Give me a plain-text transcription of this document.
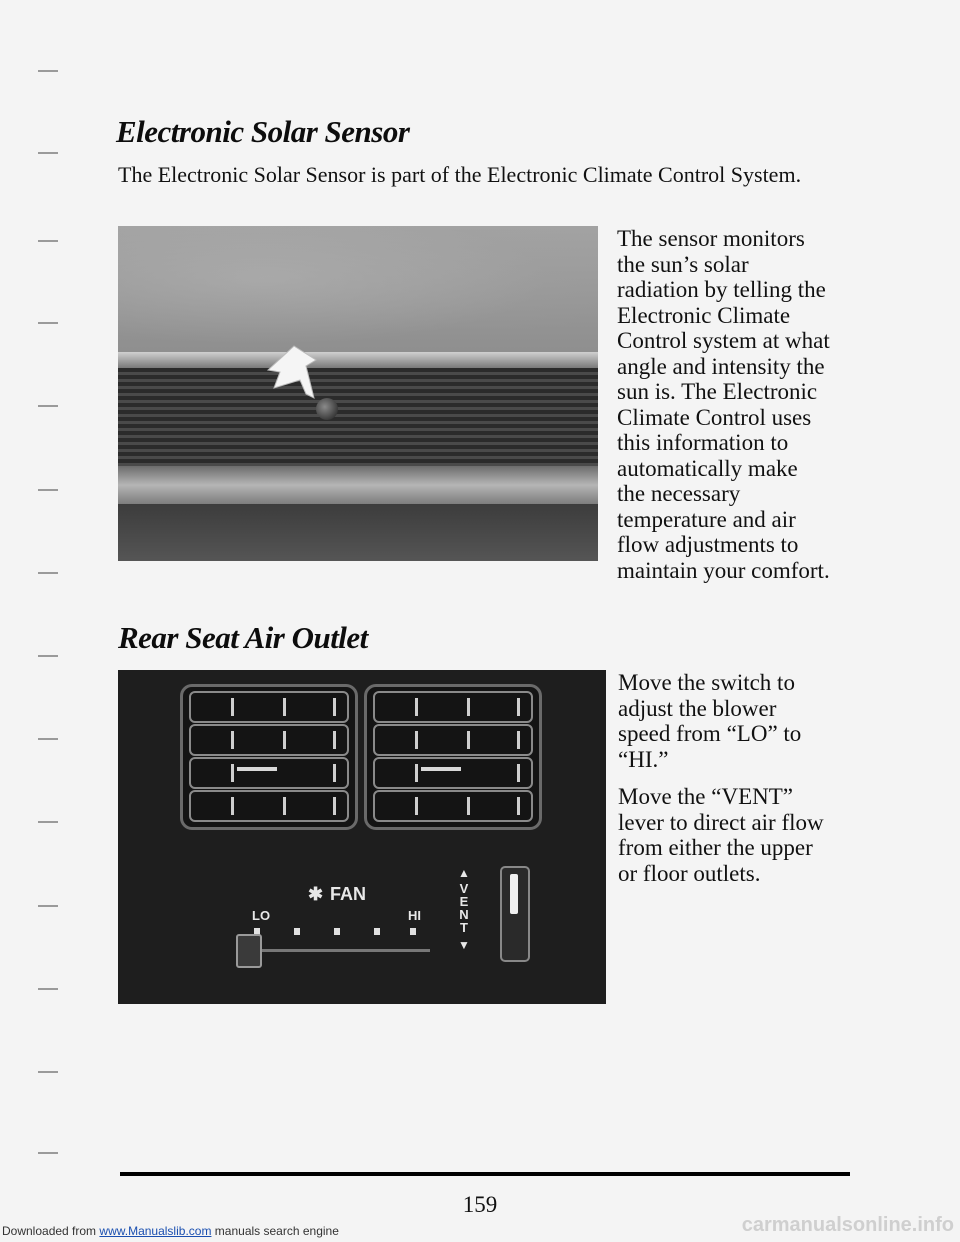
Electronic Solar Sensor

The Electronic Solar Sensor is part of the Electronic Climate Control System.

The sensor monitors
the sun’s solar
radiation by telling the
Electronic Climate
Control system at what
angle and intensity the
sun is. The Electronic
Climate Control uses
this information to
automatically make
the necessary
temperature and air
flow adjustments to
maintain your comfort.
Rear Seat Air Outlet
✱ FAN
LO	HI
▲
V
E
N
T
▼
Move the switch to
adjust the blower
speed from “LO” to
“HI.”
Move the “VENT”
lever to direct air flow
from either the upper
or floor outlets.
159
Downloaded from www.Manualslib.com manuals search engine	carmanualsonline.info
